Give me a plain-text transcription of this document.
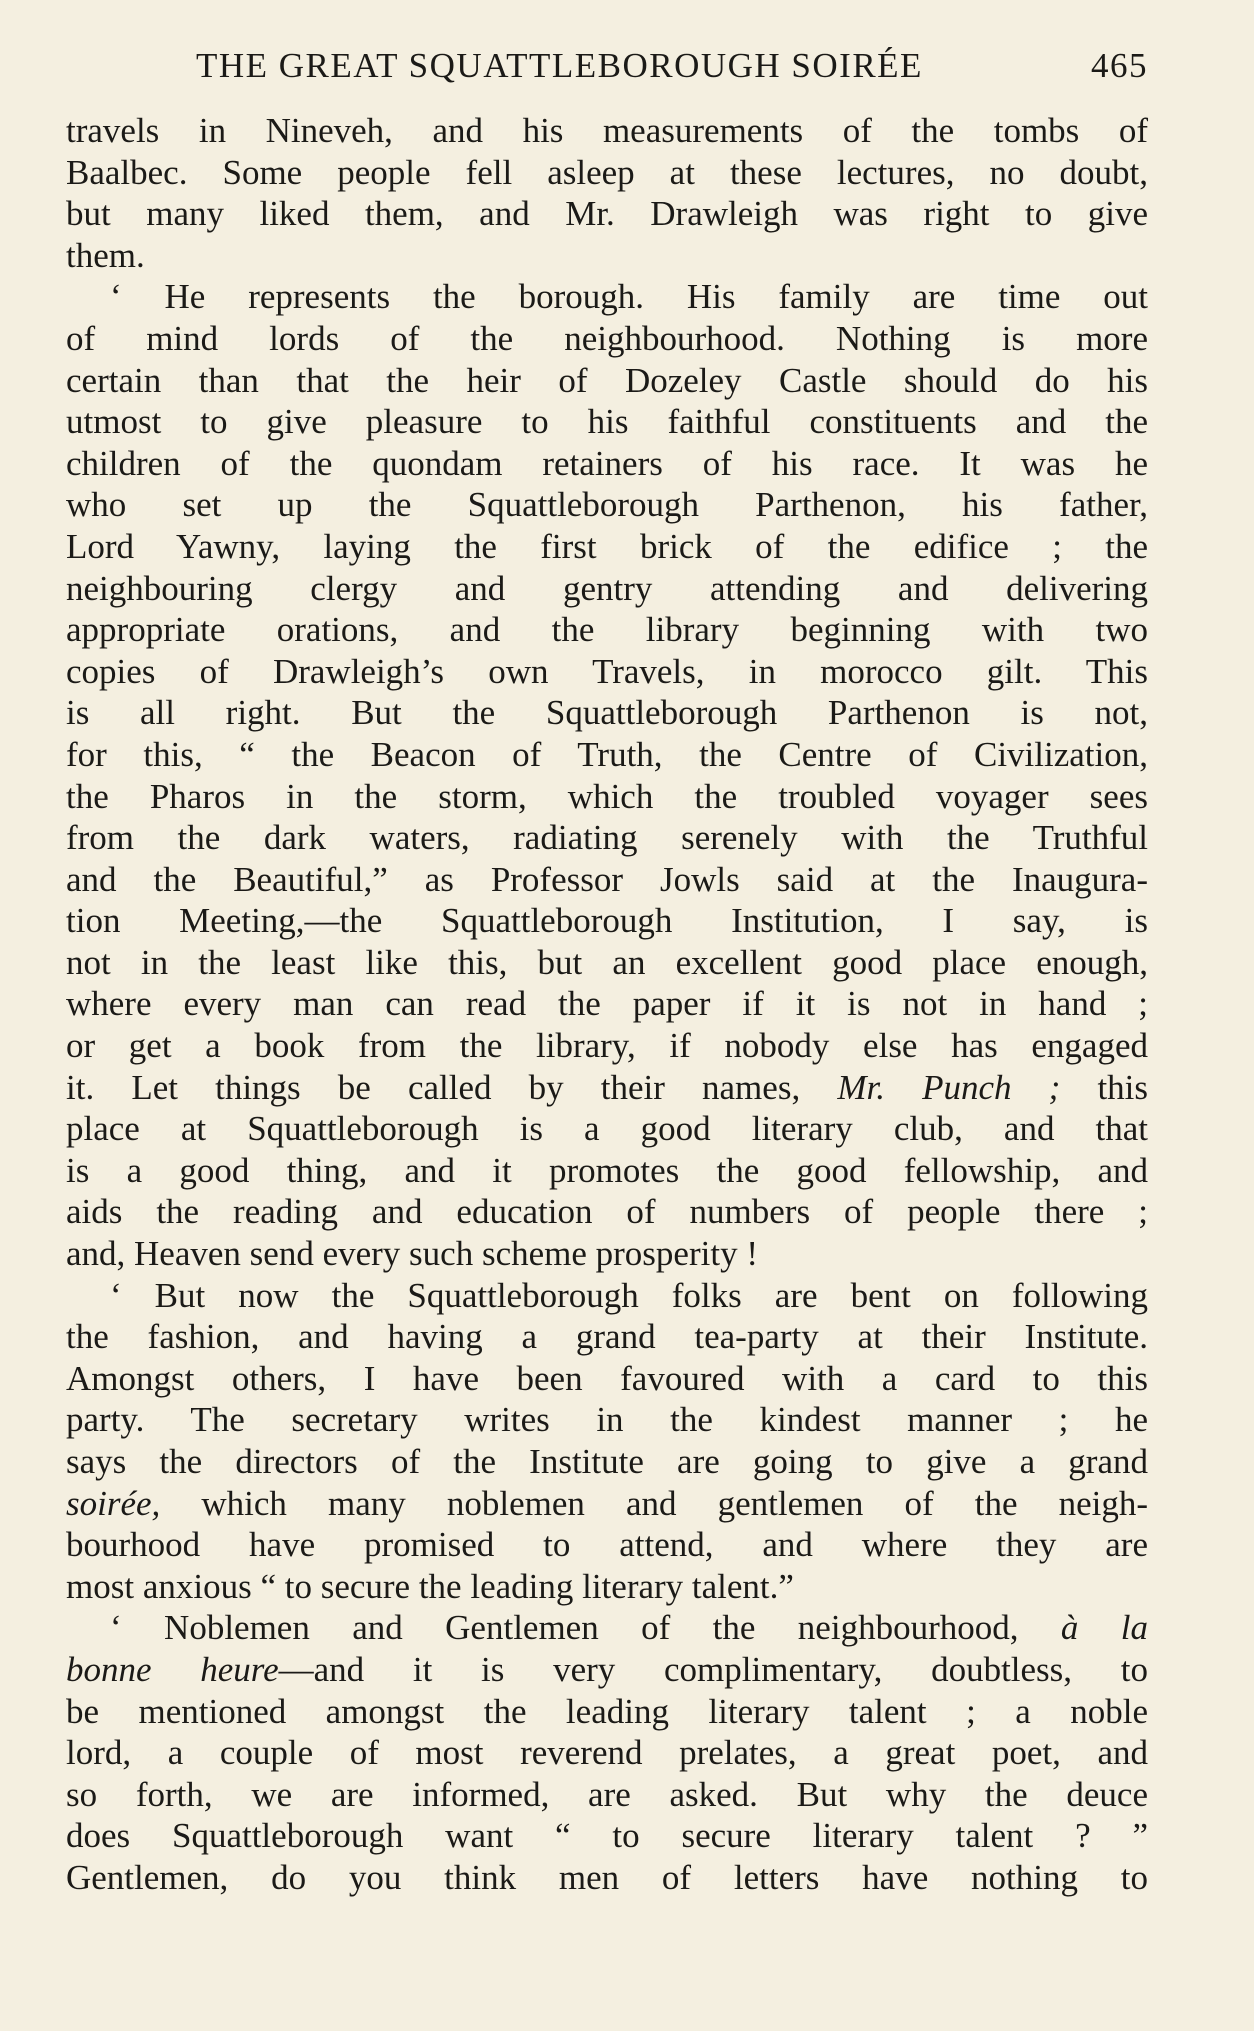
THE GREAT SQUATTLEBOROUGH SOIRÉE	465
travels in Nineveh, and his measurements of the tombs of
Baalbec. Some people fell asleep at these lectures, no doubt,
but many liked them, and Mr. Drawleigh was right to give
them.
‘ He represents the borough. His family are time out
of mind lords of the neighbourhood. Nothing is more
certain than that the heir of Dozeley Castle should do his
utmost to give pleasure to his faithful constituents and the
children of the quondam retainers of his race. It was he
who set up the Squattleborough Parthenon, his father,
Lord Yawny, laying the first brick of the edifice ; the
neighbouring clergy and gentry attending and delivering
appropriate orations, and the library beginning with two
copies of Drawleigh’s own Travels, in morocco gilt. This
is all right. But the Squattleborough Parthenon is not,
for this, “ the Beacon of Truth, the Centre of Civilization,
the Pharos in the storm, which the troubled voyager sees
from the dark waters, radiating serenely with the Truthful
and the Beautiful,” as Professor Jowls said at the Inaugura-
tion Meeting,—the Squattleborough Institution, I say, is
not in the least like this, but an excellent good place enough,
where every man can read the paper if it is not in hand ;
or get a book from the library, if nobody else has engaged
it. Let things be called by their names, Mr. Punch ; this
place at Squattleborough is a good literary club, and that
is a good thing, and it promotes the good fellowship, and
aids the reading and education of numbers of people there ;
and, Heaven send every such scheme prosperity !
‘ But now the Squattleborough folks are bent on following
the fashion, and having a grand tea-party at their Institute.
Amongst others, I have been favoured with a card to this
party. The secretary writes in the kindest manner ; he
says the directors of the Institute are going to give a grand
soirée, which many noblemen and gentlemen of the neigh-
bourhood have promised to attend, and where they are
most anxious “ to secure the leading literary talent.”
‘ Noblemen and Gentlemen of the neighbourhood, à la
bonne heure—and it is very complimentary, doubtless, to
be mentioned amongst the leading literary talent ; a noble
lord, a couple of most reverend prelates, a great poet, and
so forth, we are informed, are asked. But why the deuce
does Squattleborough want “ to secure literary talent ? ”
Gentlemen, do you think men of letters have nothing to
